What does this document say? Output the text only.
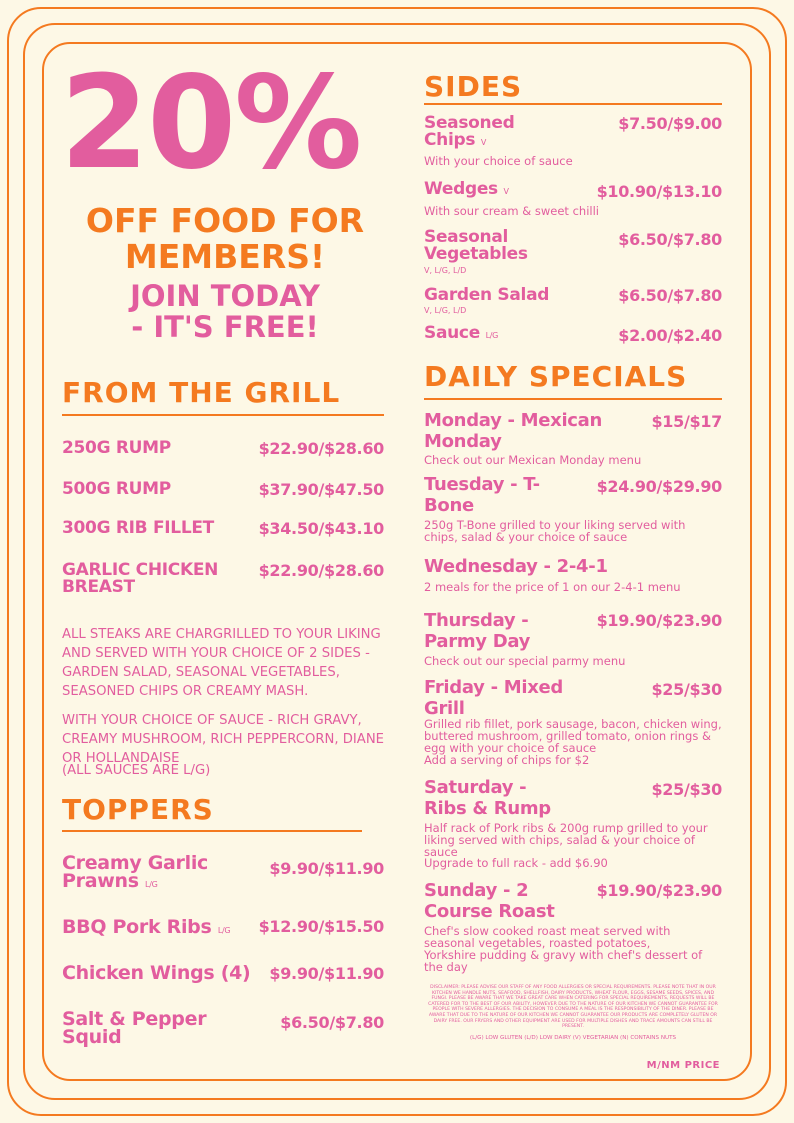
20%
OFF FOOD FOR
MEMBERS!
JOIN TODAY
- IT'S FREE!
FROM THE GRILL
250G RUMP	$22.90/$28.60
500G RUMP	$37.90/$47.50
300G RIB FILLET	$34.50/$43.10
GARLIC CHICKEN BREAST
$22.90/$28.60
ALL STEAKS ARE CHARGRILLED TO YOUR LIKING AND SERVED WITH YOUR CHOICE OF 2 SIDES - GARDEN SALAD, SEASONAL VEGETABLES, SEASONED CHIPS OR CREAMY MASH.
WITH YOUR CHOICE OF SAUCE - RICH GRAVY, CREAMY MUSHROOM, RICH PEPPERCORN, DIANE OR HOLLANDAISE
(ALL SAUCES ARE L/G)
TOPPERS
Creamy Garlic Prawns L/G
$9.90/$11.90
BBQ Pork Ribs L/G $12.90/$15.50
Chicken Wings (4) $9.90/$11.90
Salt & Pepper Squid
$6.50/$7.80
SIDES
Seasoned Chips V
$7.50/$9.00
With your choice of sauce
Wedges V	$10.90/$13.10
With sour cream & sweet chilli
Seasonal Vegetables
V, L/G, L/D
$6.50/$7.80
Garden Salad
V, L/G, L/D
$6.50/$7.80
Sauce L/G	$2.00/$2.40
DAILY SPECIALS
Monday - Mexican Monday
$15/$17
Check out our Mexican Monday menu
Tuesday - T-Bone
$24.90/$29.90
250g T-Bone grilled to your liking served with chips, salad & your choice of sauce
Wednesday - 2-4-1
2 meals for the price of 1 on our 2-4-1 menu
Thursday - Parmy Day
$19.90/$23.90
Check out our special parmy menu
Friday - Mixed Grill
$25/$30
Grilled rib fillet, pork sausage, bacon, chicken wing, buttered mushroom, grilled tomato, onion rings & egg with your choice of sauce
Add a serving of chips for $2
Saturday - Ribs & Rump
$25/$30
Half rack of Pork ribs & 200g rump grilled to your liking served with chips, salad & your choice of sauce
Upgrade to full rack - add $6.90
Sunday - 2 Course Roast
$19.90/$23.90
Chef's slow cooked roast meat served with seasonal vegetables, roasted potatoes, Yorkshire pudding & gravy with chef's dessert of the day
DISCLAIMER: PLEASE ADVISE OUR STAFF OF ANY FOOD ALLERGIES OR SPECIAL REQUIREMENTS. PLEASE NOTE THAT IN OUR KITCHEN WE HANDLE NUTS, SEAFOOD, SHELLFISH, DAIRY PRODUCTS, WHEAT FLOUR, EGGS, SESAME SEEDS, SPICES, AND FUNGI. PLEASE BE AWARE THAT WE TAKE GREAT CARE WHEN CATERING FOR SPECIAL REQUIREMENTS, REQUESTS WILL BE CATERED FOR TO THE BEST OF OUR ABILITY, HOWEVER DUE TO THE NATURE OF OUR KITCHEN WE CANNOT GUARANTEE FOR PEOPLE WITH SEVERE ALLERGIES. THE DECISION TO CONSUME A MEAL IS THE RESPONSIBILITY OF THE DINER. PLEASE BE AWARE THAT DUE TO THE NATURE OF OUR KITCHEN WE CANNOT GUARANTEE OUR PRODUCTS ARE COMPLETELY GLUTEN OR DAIRY FREE. OUR FRYERS AND OTHER EQUIPMENT ARE USED FOR MULTIPLE DISHES AND TRACE AMOUNTS CAN STILL BE PRESENT.
(L/G) LOW GLUTEN (L/D) LOW DAIRY (V) VEGETARIAN (N) CONTAINS NUTS
M/NM PRICE
